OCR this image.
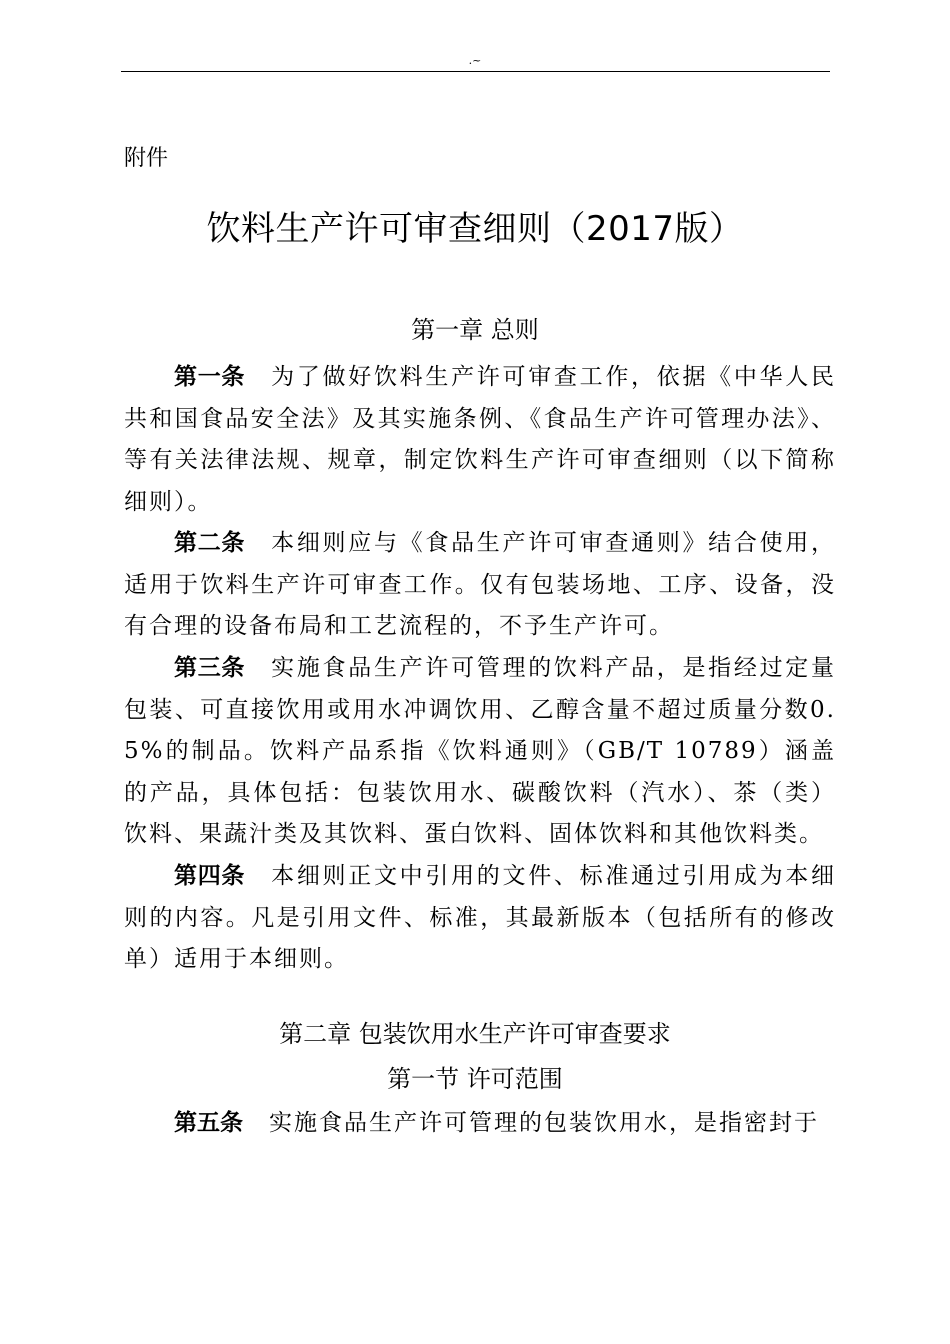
.~
附件
饮料生产许可审查细则（2017版）
第一章 总则
第一条 为了做好饮料生产许可审查工作，依据《中华人民共和国食品安全法》及其实施条例、《食品生产许可管理办法》、等有关法律法规、规章，制定饮料生产许可审查细则（以下简称细则）。
第二条 本细则应与《食品生产许可审查通则》结合使用，适用于饮料生产许可审查工作。仅有包装场地、工序、设备，没有合理的设备布局和工艺流程的，不予生产许可。
第三条 实施食品生产许可管理的饮料产品，是指经过定量包装、可直接饮用或用水冲调饮用、乙醇含量不超过质量分数0.5%的制品。饮料产品系指《饮料通则》（GB/T 10789）涵盖的产品，具体包括：包装饮用水、碳酸饮料（汽水）、茶（类）饮料、果蔬汁类及其饮料、蛋白饮料、固体饮料和其他饮料类。
第四条 本细则正文中引用的文件、标准通过引用成为本细则的内容。凡是引用文件、标准，其最新版本（包括所有的修改单）适用于本细则。
第二章 包装饮用水生产许可审查要求
第一节 许可范围
第五条 实施食品生产许可管理的包装饮用水，是指密封于
